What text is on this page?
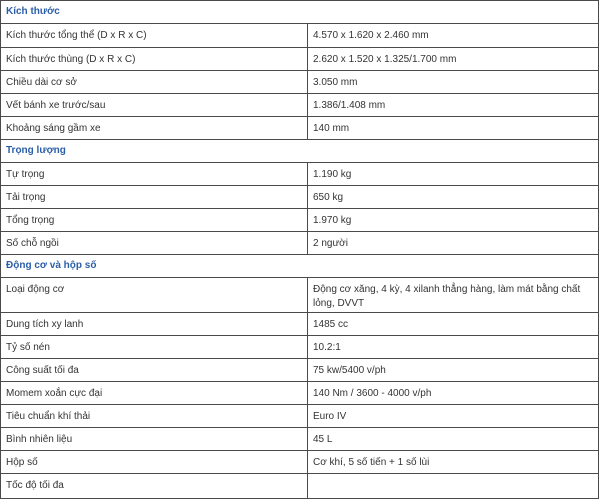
Kích thước	
Kích thước tổng thể (D x R x C)	4.570 x 1.620 x 2.460 mm
Kích thước thùng (D x R x C)	2.620 x 1.520 x 1.325/1.700 mm
Chiều dài cơ sở	3.050 mm
Vết bánh xe trước/sau	1.386/1.408 mm
Khoảng sáng gầm xe	140 mm
Trọng lượng	
Tự trọng	1.190 kg
Tải trọng	650 kg
Tổng trọng	1.970 kg
Số chỗ ngồi	2 người
Động cơ và hộp số	
Loại động cơ	Động cơ xăng, 4 kỳ, 4 xilanh thẳng hàng, làm mát bằng chất lỏng, DVVT
Dung tích xy lanh	1485 cc
Tỷ số nén	10.2:1
Công suất tối đa	75 kw/5400 v/ph
Momem xoắn cực đại	140 Nm / 3600 - 4000 v/ph
Tiêu chuẩn khí thải	Euro IV
Bình nhiên liệu	45 L
Hộp số	Cơ khí, 5 số tiến + 1 số lùi
Tốc độ tối đa	
